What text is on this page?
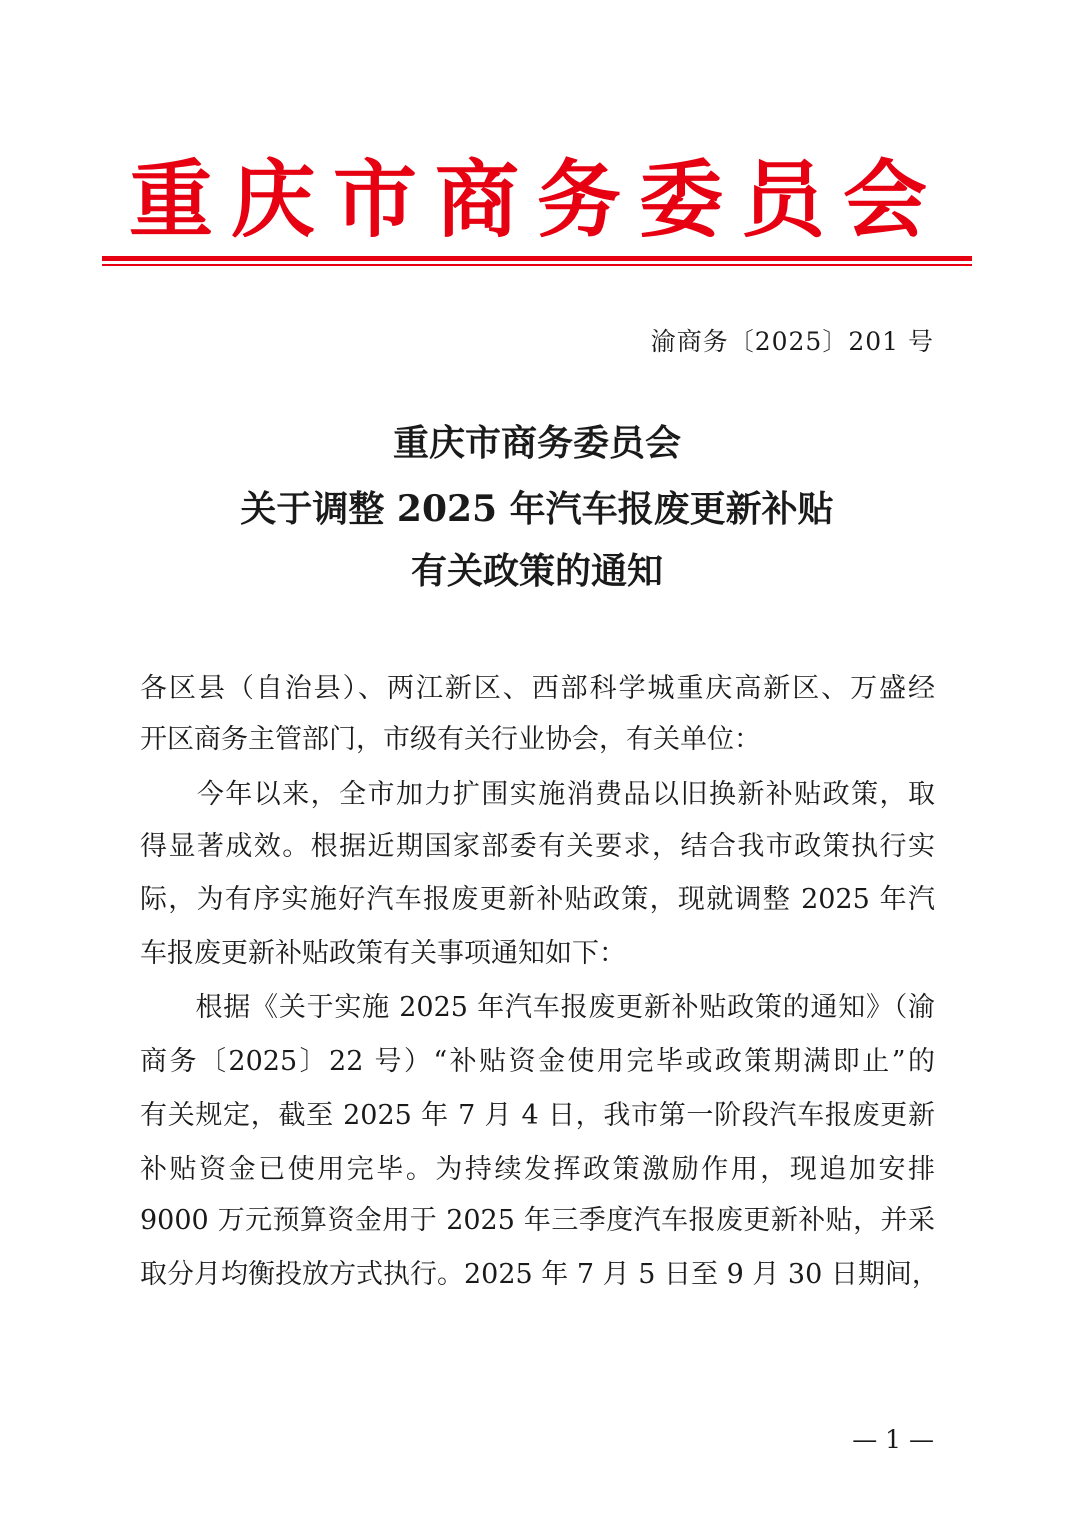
重庆市商务委员会
渝商务〔2025〕201 号
重庆市商务委员会
关于调整 2025 年汽车报废更新补贴
有关政策的通知
各区县（自治县）、两江新区、西部科学城重庆高新区、万盛经
开区商务主管部门，市级有关行业协会，有关单位：
　　今年以来，全市加力扩围实施消费品以旧换新补贴政策，取
得显著成效。根据近期国家部委有关要求，结合我市政策执行实
际，为有序实施好汽车报废更新补贴政策，现就调整 2025 年汽
车报废更新补贴政策有关事项通知如下：
　　根据《关于实施 2025 年汽车报废更新补贴政策的通知》（渝
商务〔2025〕22 号）“补贴资金使用完毕或政策期满即止”的
有关规定，截至 2025 年 7 月 4 日，我市第一阶段汽车报废更新
补贴资金已使用完毕。为持续发挥政策激励作用，现追加安排
9000 万元预算资金用于 2025 年三季度汽车报废更新补贴，并采
取分月均衡投放方式执行。2025 年 7 月 5 日至 9 月 30 日期间，
— 1 —
